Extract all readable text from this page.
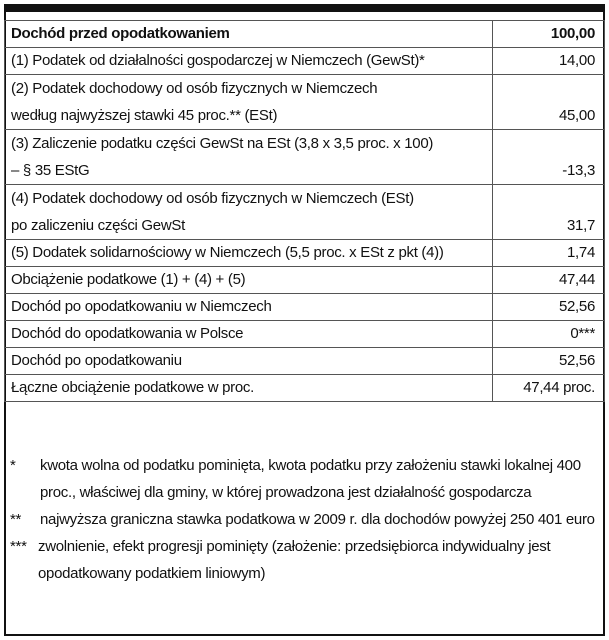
Dochód przed opodatkowaniem	100,00
(1) Podatek od działalności gospodarczej w Niemczech (GewSt)*	14,00

(2) Podatek dochodowy od osób fizycznych w Niemczech
według najwyższej stawki 45 proc.** (ESt)	45,00

(3) Zaliczenie podatku części GewSt na ESt (3,8 x 3,5 proc. x 100)
– § 35 EStG	-13,3

(4) Podatek dochodowy od osób fizycznych w Niemczech (ESt)
po zaliczeniu części GewSt	31,7
(5) Dodatek solidarnościowy w Niemczech (5,5 proc. x ESt z pkt (4))	1,74
Obciążenie podatkowe (1) + (4) + (5)	47,44
Dochód po opodatkowaniu w Niemczech	52,56
Dochód do opodatkowania w Polsce	0***
Dochód po opodatkowaniu	52,56
Łączne obciążenie podatkowe w proc.	47,44 proc.
*	kwota wolna od podatku pominięta, kwota podatku przy założeniu stawki lokalnej 400 proc., właściwej dla gminy, w której prowadzona jest działalność gospodarcza
**	najwyższa graniczna stawka podatkowa w 2009 r. dla dochodów powyżej 250 401 euro
*** zwolnienie, efekt progresji pominięty (założenie: przedsiębiorca indywidualny jest opodatkowany podatkiem liniowym)
